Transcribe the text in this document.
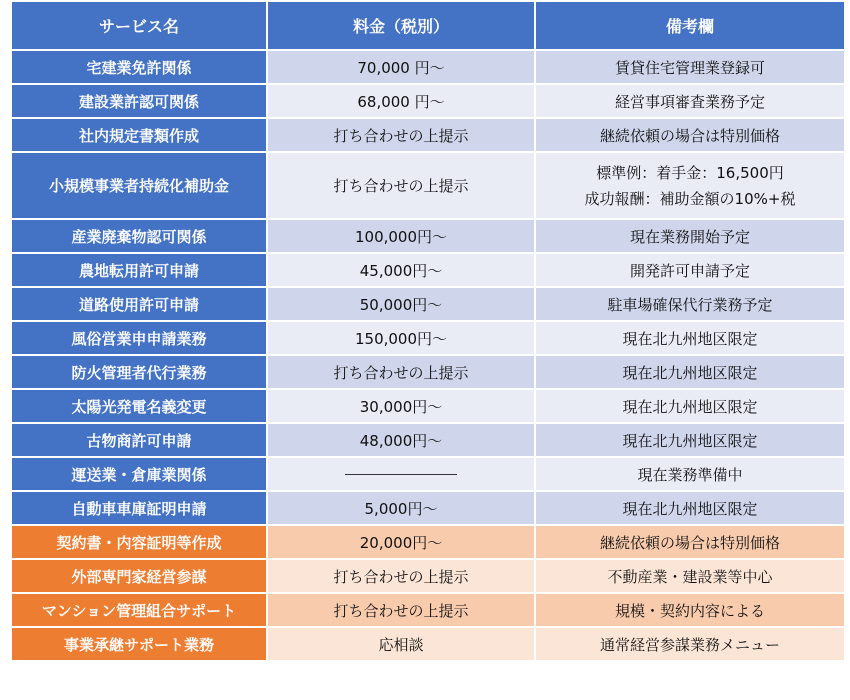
サービス名	料金（税別）	備考欄
宅建業免許関係	70,000 円〜	賃貸住宅管理業登録可
建設業許認可関係	68,000 円〜	経営事項審査業務予定
社内規定書類作成	打ち合わせの上提示	継続依頼の場合は特別価格
小規模事業者持続化補助金	打ち合わせの上提示	標準例：着手金：16,500円
成功報酬：補助金額の10%+税

産業廃棄物認可関係	100,000円〜	現在業務開始予定
農地転用許可申請	45,000円〜	開発許可申請予定
道路使用許可申請	50,000円〜	駐車場確保代行業務予定
風俗営業申申請業務	150,000円〜	現在北九州地区限定
防火管理者代行業務	打ち合わせの上提示	現在北九州地区限定
太陽光発電名義変更	30,000円〜	現在北九州地区限定
古物商許可申請	48,000円〜	現在北九州地区限定
運送業・倉庫業関係		現在業務準備中
自動車車庫証明申請	5,000円〜	現在北九州地区限定
契約書・内容証明等作成	20,000円〜	継続依頼の場合は特別価格
外部専門家経営参謀	打ち合わせの上提示	不動産業・建設業等中心
マンション管理組合サポート	打ち合わせの上提示	規模・契約内容による
事業承継サポート業務	応相談	通常経営参謀業務メニュー
